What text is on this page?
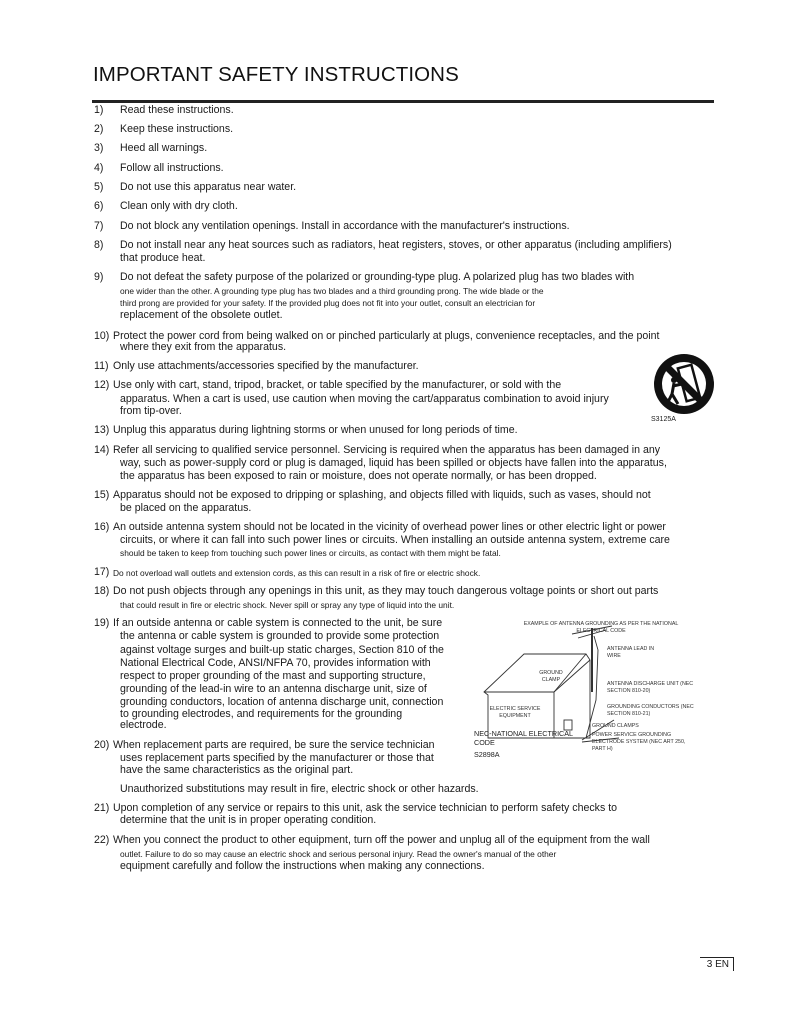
IMPORTANT SAFETY INSTRUCTIONS
1) Read these instructions.
2) Keep these instructions.
3) Heed all warnings.
4) Follow all instructions.
5) Do not use this apparatus near water.
6) Clean only with dry cloth.
7) Do not block any ventilation openings. Install in accordance with the manufacturer's instructions.
8) Do not install near any heat sources such as radiators, heat registers, stoves, or other apparatus (including amplifiers)
that produce heat.
9) Do not defeat the safety purpose of the polarized or grounding-type plug. A polarized plug has two blades with
one wider than the other. A grounding type plug has two blades and a third grounding prong. The wide blade or the
third prong are provided for your safety. If the provided plug does not fit into your outlet, consult an electrician for
replacement of the obsolete outlet.
10) Protect the power cord from being walked on or pinched particularly at plugs, convenience receptacles, and the point
where they exit from the apparatus.
11) Only use attachments/accessories specified by the manufacturer.
12) Use only with cart, stand, tripod, bracket, or table specified by the manufacturer, or sold with the
apparatus. When a cart is used, use caution when moving the cart/apparatus combination to avoid injury
from tip-over.
13) Unplug this apparatus during lightning storms or when unused for long periods of time.
14) Refer all servicing to qualified service personnel. Servicing is required when the apparatus has been damaged in any
way, such as power-supply cord or plug is damaged, liquid has been spilled or objects have fallen into the apparatus,
the apparatus has been exposed to rain or moisture, does not operate normally, or has been dropped.
15) Apparatus should not be exposed to dripping or splashing, and objects filled with liquids, such as vases, should not
be placed on the apparatus.
16) An outside antenna system should not be located in the vicinity of overhead power lines or other electric light or power
circuits, or where it can fall into such power lines or circuits. When installing an outside antenna system, extreme care
should be taken to keep from touching such power lines or circuits, as contact with them might be fatal.
17) Do not overload wall outlets and extension cords, as this can result in a risk of fire or electric shock.
18) Do not push objects through any openings in this unit, as they may touch dangerous voltage points or short out parts
that could result in fire or electric shock. Never spill or spray any type of liquid into the unit.
19) If an outside antenna or cable system is connected to the unit, be sure
the antenna or cable system is grounded to provide some protection
against voltage surges and built-up static charges, Section 810 of the
National Electrical Code, ANSI/NFPA 70, provides information with
respect to proper grounding of the mast and supporting structure,
grounding of the lead-in wire to an antenna discharge unit, size of
grounding conductors, location of antenna discharge unit, connection
to grounding electrodes, and requirements for the grounding
electrode.
20) When replacement parts are required, be sure the service technician
uses replacement parts specified by the manufacturer or those that
have the same characteristics as the original part.
Unauthorized substitutions may result in fire, electric shock or other hazards.
21) Upon completion of any service or repairs to this unit, ask the service technician to perform safety checks to
determine that the unit is in proper operating condition.
22) When you connect the product to other equipment, turn off the power and unplug all of the equipment from the wall
outlet. Failure to do so may cause an electric shock and serious personal injury. Read the owner's manual of the other
equipment carefully and follow the instructions when making any connections.
S3125A
EXAMPLE OF ANTENNA GROUNDING AS PER THE NATIONAL ELECTRICAL CODE
ANTENNA LEAD IN WIRE
GROUND CLAMP
ANTENNA DISCHARGE UNIT (NEC SECTION 810-20)
ELECTRIC SERVICE EQUIPMENT
GROUNDING CONDUCTORS (NEC SECTION 810-21)
GROUND CLAMPS
POWER SERVICE GROUNDING ELECTRODE SYSTEM (NEC ART 250, PART H)
NEC-NATIONAL ELECTRICAL CODE
S2898A
3 EN
